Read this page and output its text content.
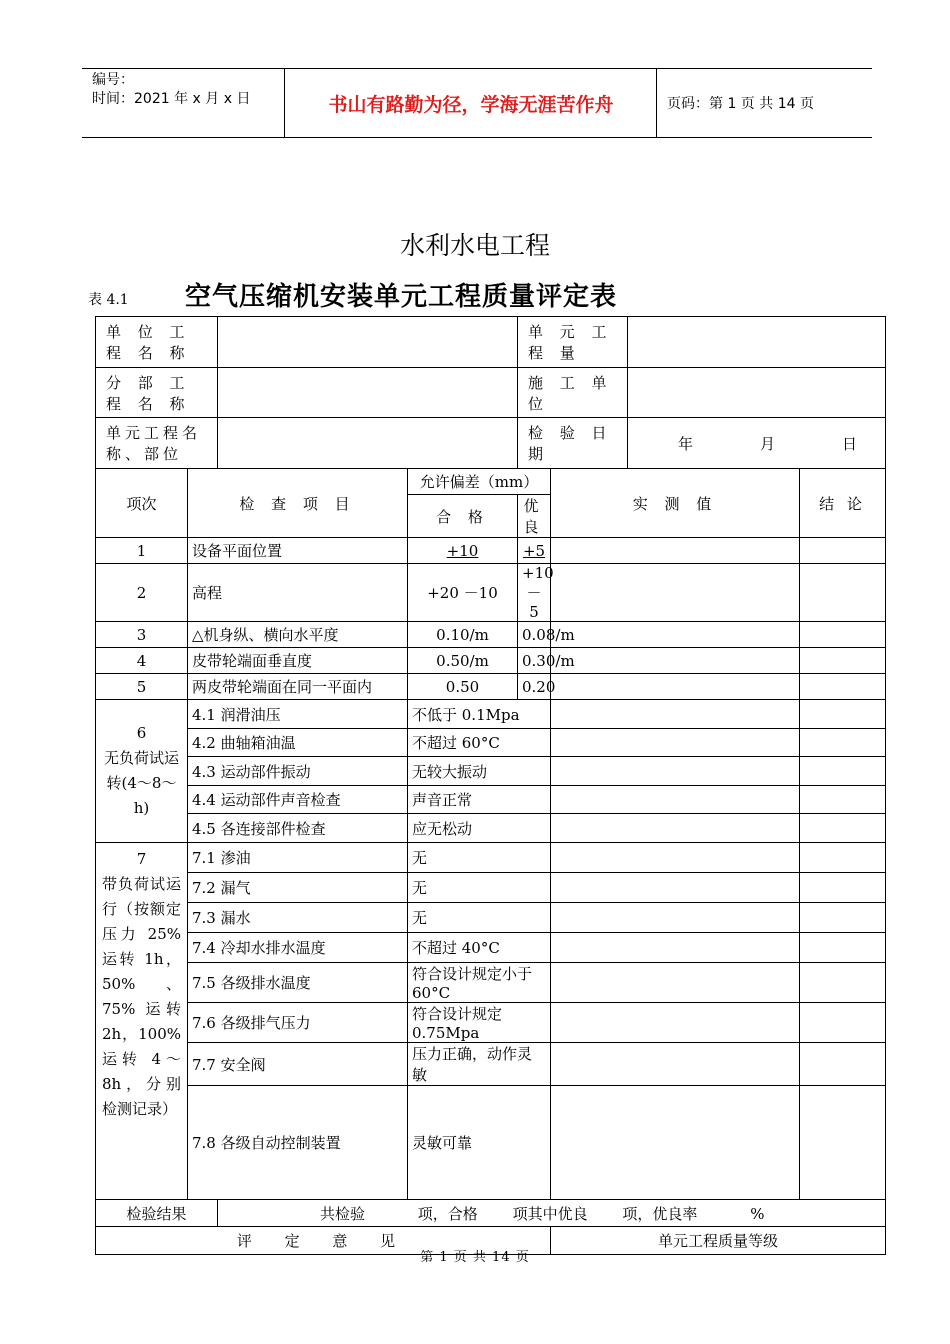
编号：
时间：2021 年 x 月 x 日	书山有路勤为径，学海无涯苦作舟	页码：第 1 页 共 14 页
水利水电工程
表 4.1 空气压缩机安装单元工程质量评定表
单 位 工 程 名 称				单 元 工 程 量			
分 部 工 程 名 称				施 工 单 位			
单元工程名称、部位				检 验 日 期		年 月 日	

项次	检 查 项 目		允许偏差（mm）		实 测 值		结 论
			合 格	优 良			
1	设备平面位置		+10	+5			
2	高程		+20 －10	+10 －5			
3	△机身纵、横向水平度		0.10/m	0.08/m			
4	皮带轮端面垂直度		0.50/m	0.30/m			
5	两皮带轮端面在同一平面内		0.50	0.20			
6
无负荷试运转(4～8～h)	4.1 润滑油压		不低于 0.1Mpa				
	4.2 曲轴箱油温		不超过 60°C				
	4.3 运动部件振动		无较大振动				
	4.4 运动部件声音检查		声音正常				
	4.5 各连接部件检查		应无松动				

7
带负荷试运行（按额定压力 25% 运转 1h，50%、75% 运转 2h，100% 运转 4～8h，分别检测记录）	7.1 渗油		无				
	7.2 漏气		无				
	7.3 漏水		无				
	7.4 冷却水排水温度		不超过 40°C				
	7.5 各级排水温度		符合设计规定小于 60°C				
	7.6 各级排气压力		符合设计规定 0.75Mpa				
	7.7 安全阀		压力正确，动作灵敏				
	7.8 各级自动控制装置		灵敏可靠				
检验结果		共检验 项，合格 项其中优良 项，优良率 %					
评 定 意 见					单元工程质量等级		
第 1 页 共 14 页
